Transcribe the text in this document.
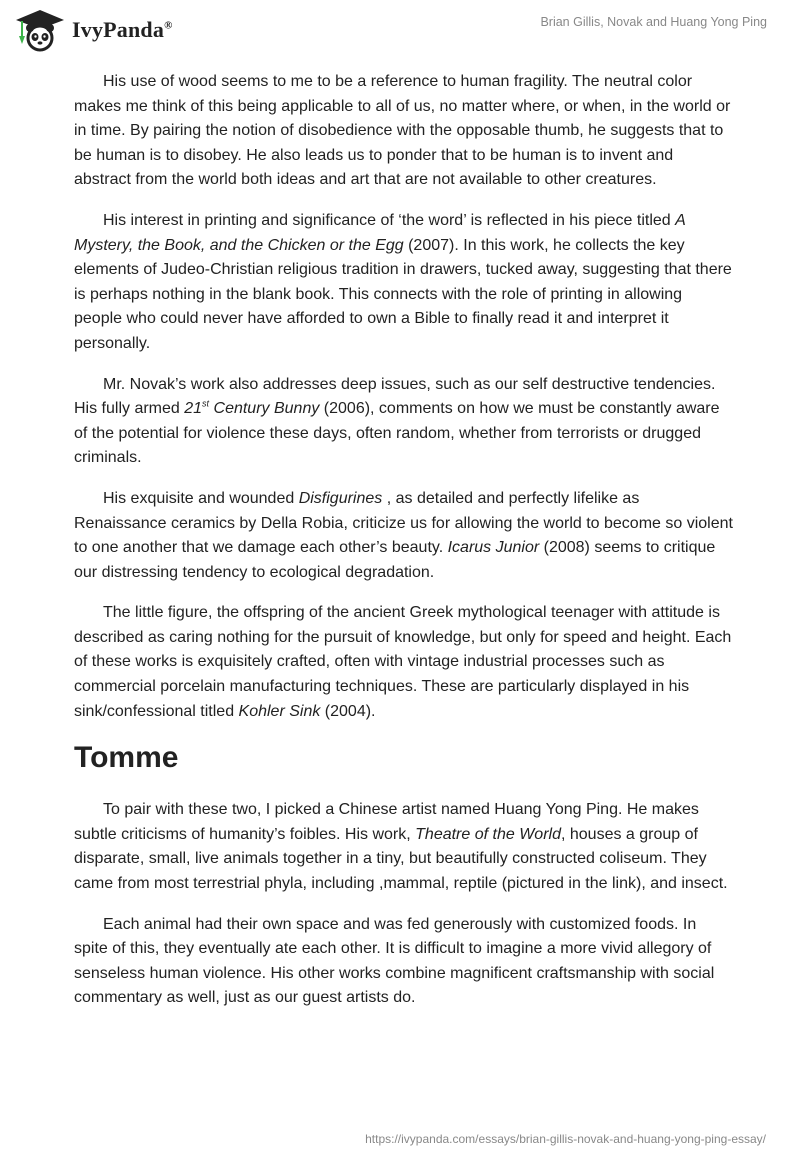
IvyPanda®	Brian Gillis, Novak and Huang Yong Ping

His use of wood seems to me to be a reference to human fragility. The neutral color makes me think of this being applicable to all of us, no matter where, or when, in the world or in time. By pairing the notion of disobedience with the opposable thumb, he suggests that to be human is to disobey. He also leads us to ponder that to be human is to invent and abstract from the world both ideas and art that are not available to other creatures.

His interest in printing and significance of ‘the word’ is reflected in his piece titled A Mystery, the Book, and the Chicken or the Egg (2007). In this work, he collects the key elements of Judeo-Christian religious tradition in drawers, tucked away, suggesting that there is perhaps nothing in the blank book. This connects with the role of printing in allowing people who could never have afforded to own a Bible to finally read it and interpret it personally.

Mr. Novak’s work also addresses deep issues, such as our self destructive tendencies. His fully armed 21st Century Bunny (2006), comments on how we must be constantly aware of the potential for violence these days, often random, whether from terrorists or drugged criminals.

His exquisite and wounded Disfigurines , as detailed and perfectly lifelike as Renaissance ceramics by Della Robia, criticize us for allowing the world to become so violent to one another that we damage each other’s beauty. Icarus Junior (2008) seems to critique our distressing tendency to ecological degradation.

The little figure, the offspring of the ancient Greek mythological teenager with attitude is described as caring nothing for the pursuit of knowledge, but only for speed and height. Each of these works is exquisitely crafted, often with vintage industrial processes such as commercial porcelain manufacturing techniques. These are particularly displayed in his sink/confessional titled Kohler Sink (2004).

Tomme

To pair with these two, I picked a Chinese artist named Huang Yong Ping. He makes subtle criticisms of humanity’s foibles. His work, Theatre of the World, houses a group of disparate, small, live animals together in a tiny, but beautifully constructed coliseum. They came from most terrestrial phyla, including ,mammal, reptile (pictured in the link), and insect.

Each animal had their own space and was fed generously with customized foods. In spite of this, they eventually ate each other. It is difficult to imagine a more vivid allegory of senseless human violence. His other works combine magnificent craftsmanship with social commentary as well, just as our guest artists do.

https://ivypanda.com/essays/brian-gillis-novak-and-huang-yong-ping-essay/
